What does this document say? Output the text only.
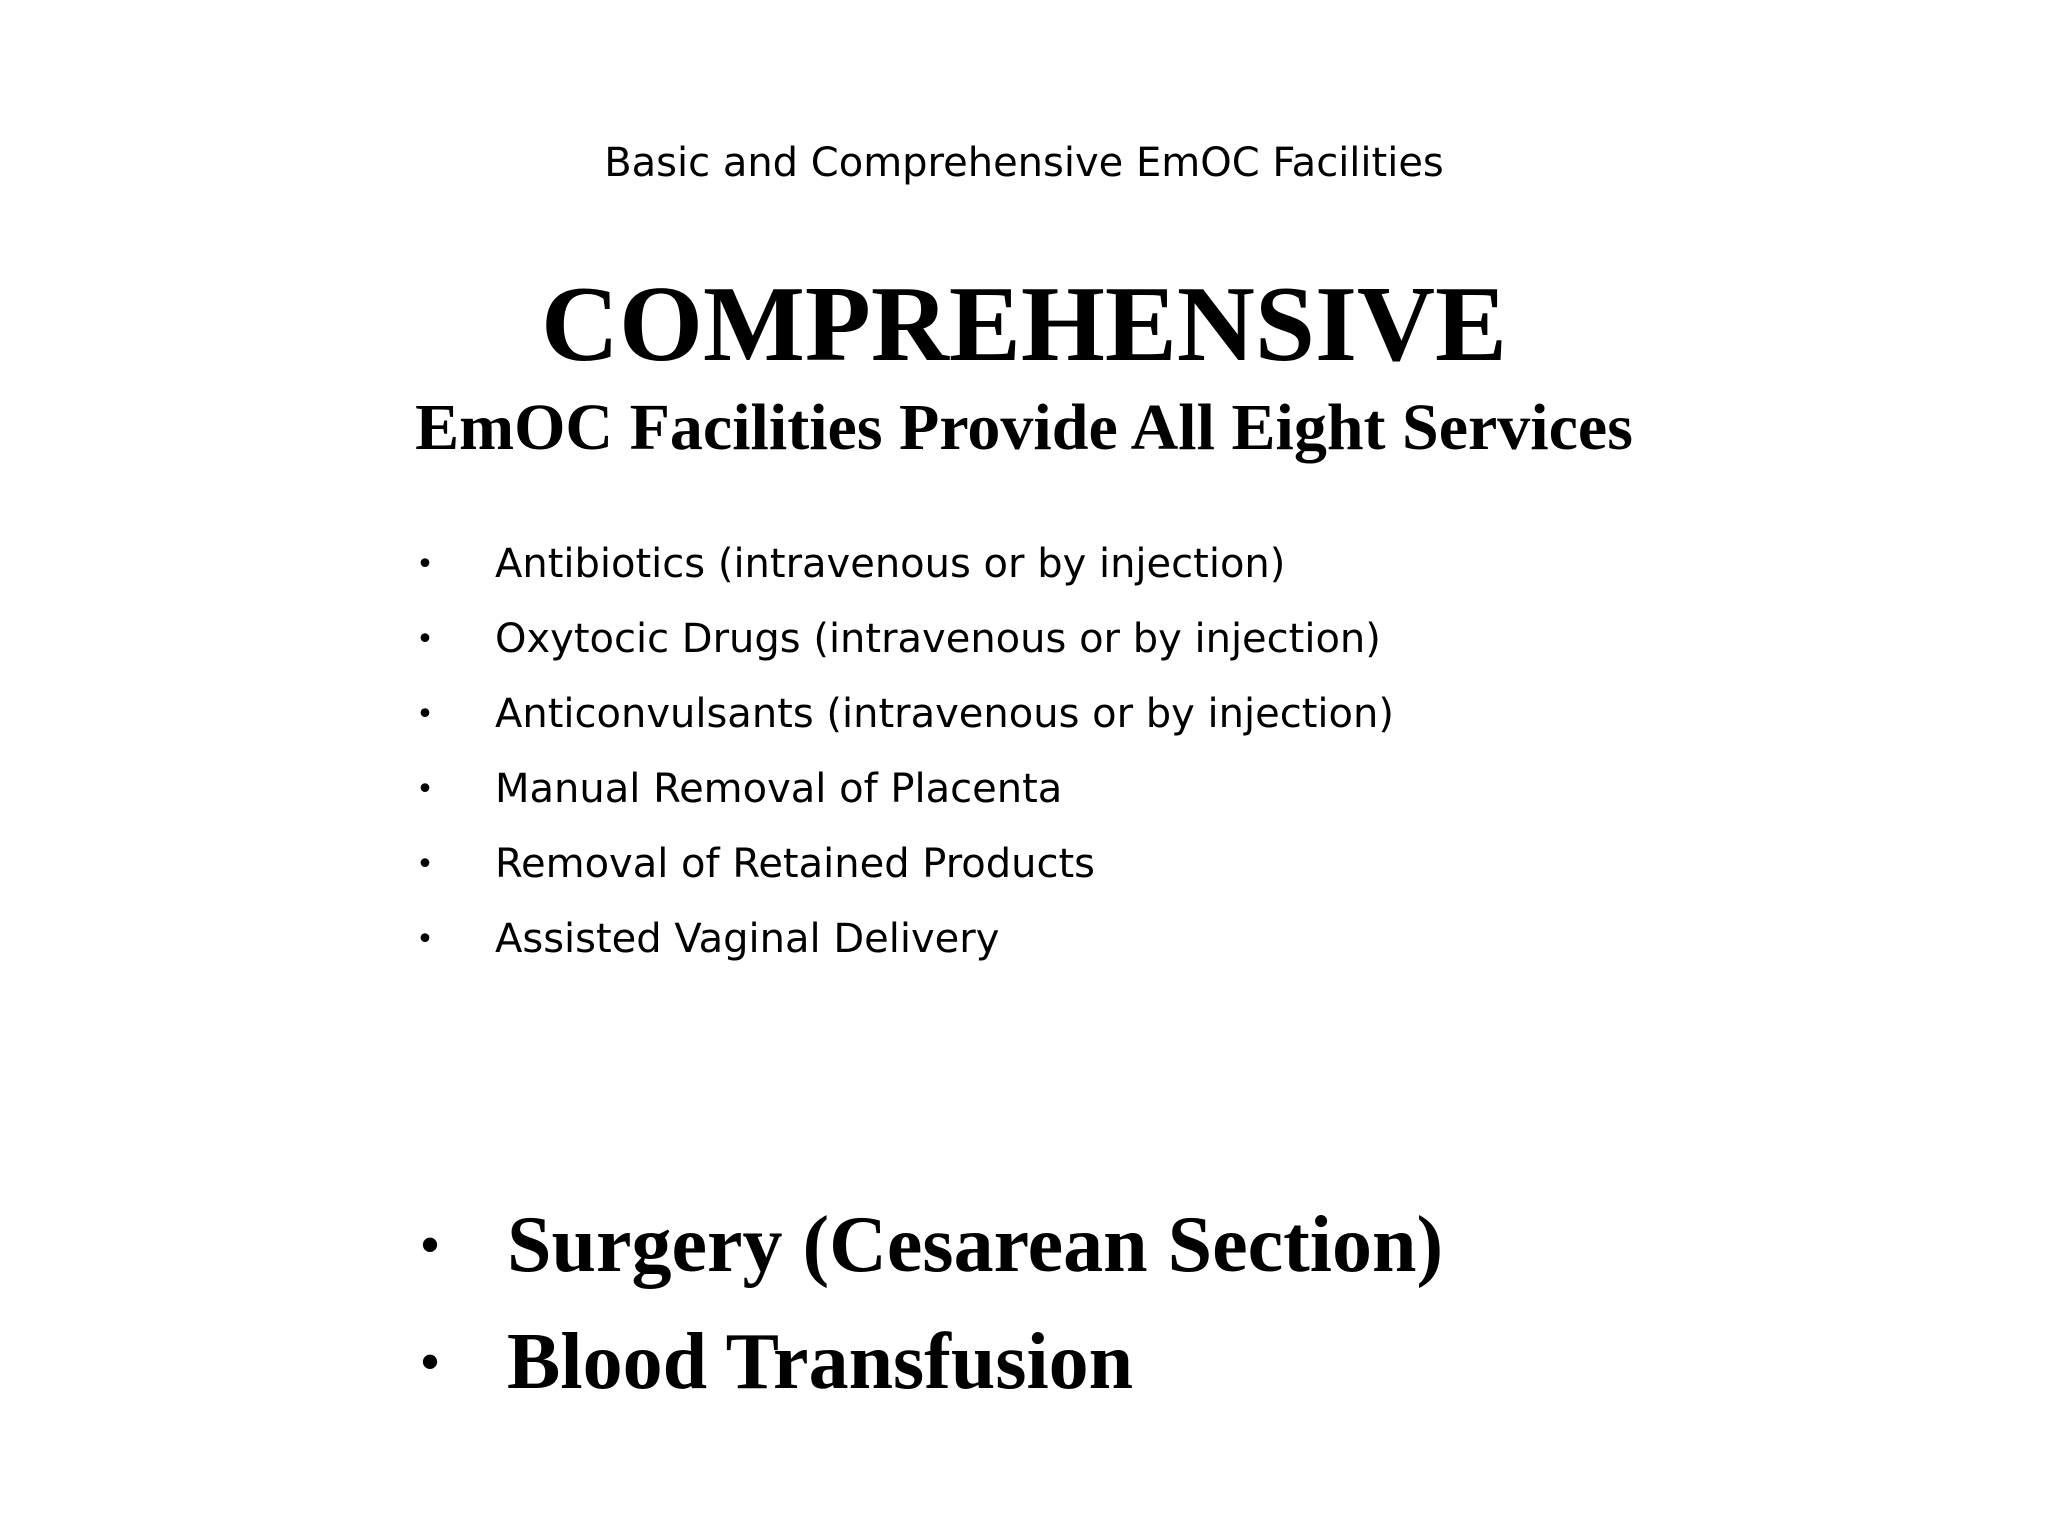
Basic and Comprehensive EmOC Facilities
COMPREHENSIVE
EmOC Facilities Provide All Eight Services
• Antibiotics (intravenous or by injection)
• Oxytocic Drugs (intravenous or by injection)
• Anticonvulsants (intravenous or by injection)
• Manual Removal of Placenta
• Removal of Retained Products
• Assisted Vaginal Delivery
• Surgery (Cesarean Section)
• Blood Transfusion
